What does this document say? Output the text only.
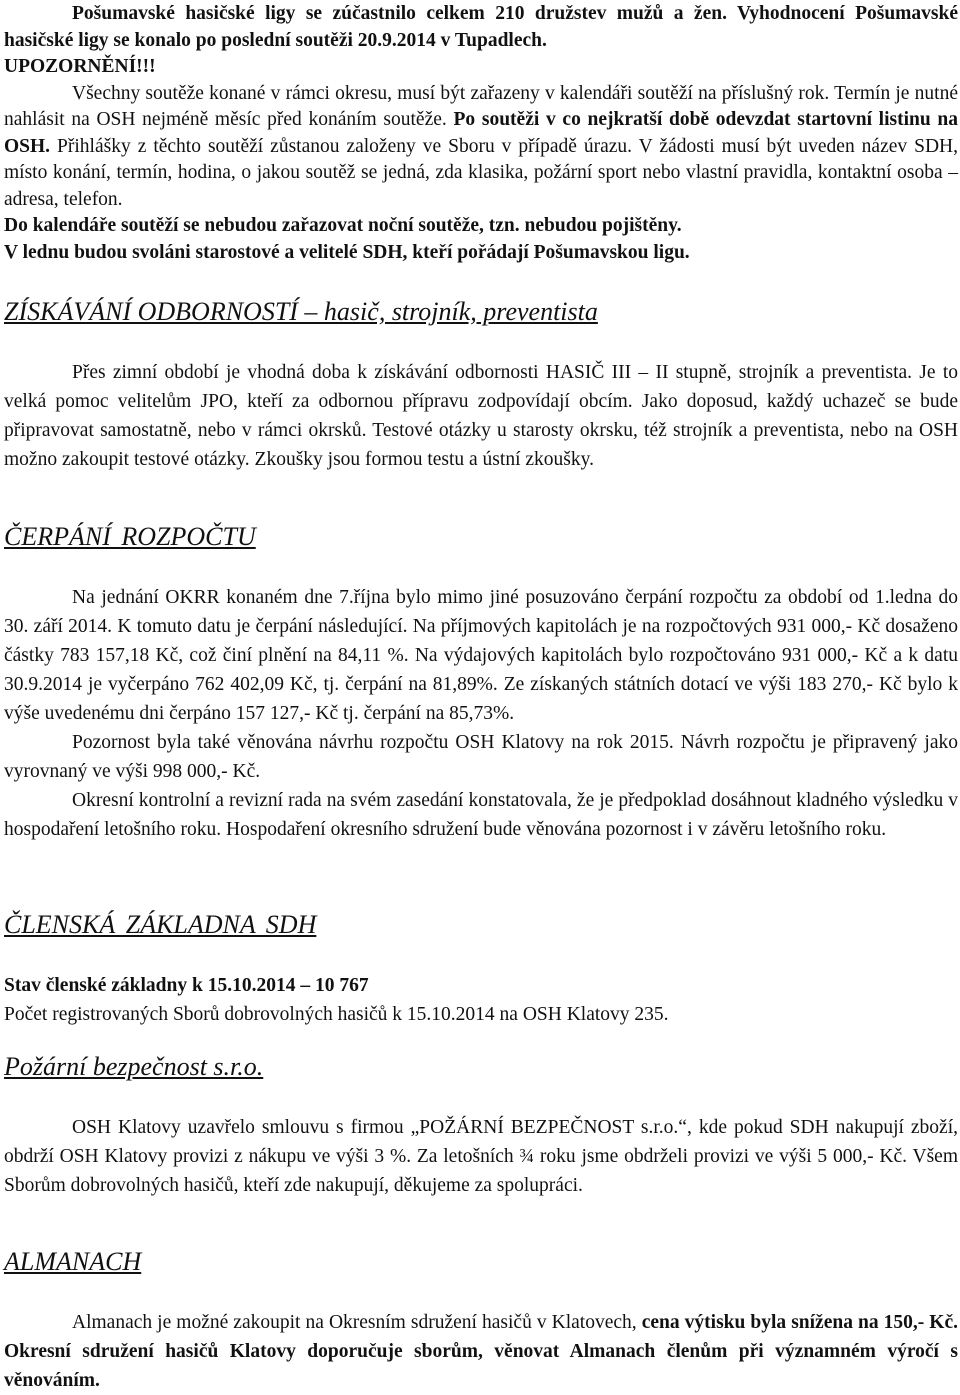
Pošumavské hasičské ligy se zúčastnilo celkem 210 družstev mužů a žen. Vyhodnocení Pošumavské hasičské ligy se konalo po poslední soutěži 20.9.2014 v Tupadlech.

UPOZORNĚNÍ!!!

Všechny soutěže konané v rámci okresu, musí být zařazeny v kalendáři soutěží na příslušný rok. Termín je nutné nahlásit na OSH nejméně měsíc před konáním soutěže. Po soutěži v co nejkratší době odevzdat startovní listinu na OSH. Přihlášky z těchto soutěží zůstanou založeny ve Sboru v případě úrazu. V žádosti musí být uveden název SDH, místo konání, termín, hodina, o jakou soutěž se jedná, zda klasika, požární sport nebo vlastní pravidla, kontaktní osoba – adresa, telefon.

Do kalendáře soutěží se nebudou zařazovat noční soutěže, tzn. nebudou pojištěny.

V lednu budou svoláni starostové a velitelé SDH, kteří pořádají Pošumavskou ligu.

ZÍSKÁVÁNÍ ODBORNOSTÍ – hasič, strojník, preventista

Přes zimní období je vhodná doba k získávání odbornosti HASIČ III – II stupně, strojník a preventista. Je to velká pomoc velitelům JPO, kteří za odbornou přípravu zodpovídají obcím. Jako doposud, každý uchazeč se bude připravovat samostatně, nebo v rámci okrsků. Testové otázky u starosty okrsku, též strojník a preventista, nebo na OSH možno zakoupit testové otázky. Zkoušky jsou formou testu a ústní zkoušky.

ČERPÁNÍ ROZPOČTU

Na jednání OKRR konaném dne 7.října bylo mimo jiné posuzováno čerpání rozpočtu za období od 1.ledna do 30. září 2014. K tomuto datu je čerpání následující. Na příjmových kapitolách je na rozpočtových 931 000,- Kč dosaženo částky 783 157,18 Kč, což činí plnění na 84,11 %. Na výdajových kapitolách bylo rozpočtováno 931 000,- Kč a k datu 30.9.2014 je vyčerpáno 762 402,09 Kč, tj. čerpání na 81,89%. Ze získaných státních dotací ve výši 183 270,- Kč bylo k výše uvedenému dni čerpáno 157 127,- Kč tj. čerpání na 85,73%.

Pozornost byla také věnována návrhu rozpočtu OSH Klatovy na rok 2015. Návrh rozpočtu je připravený jako vyrovnaný ve výši 998 000,- Kč.

Okresní kontrolní a revizní rada na svém zasedání konstatovala, že je předpoklad dosáhnout kladného výsledku v hospodaření letošního roku. Hospodaření okresního sdružení bude věnována pozornost i v závěru letošního roku.

ČLENSKÁ ZÁKLADNA SDH

Stav členské základny k 15.10.2014 – 10 767

Počet registrovaných Sborů dobrovolných hasičů k 15.10.2014 na OSH Klatovy 235.

Požární bezpečnost s.r.o.

OSH Klatovy uzavřelo smlouvu s firmou „POŽÁRNÍ BEZPEČNOST s.r.o.“, kde pokud SDH nakupují zboží, obdrží OSH Klatovy provizi z nákupu ve výši 3 %. Za letošních ¾ roku jsme obdrželi provizi ve výši 5 000,- Kč. Všem Sborům dobrovolných hasičů, kteří zde nakupují, děkujeme za spolupráci.

ALMANACH

Almanach je možné zakoupit na Okresním sdružení hasičů v Klatovech, cena výtisku byla snížena na 150,- Kč. Okresní sdružení hasičů Klatovy doporučuje sborům, věnovat Almanach členům při významném výročí s věnováním.
